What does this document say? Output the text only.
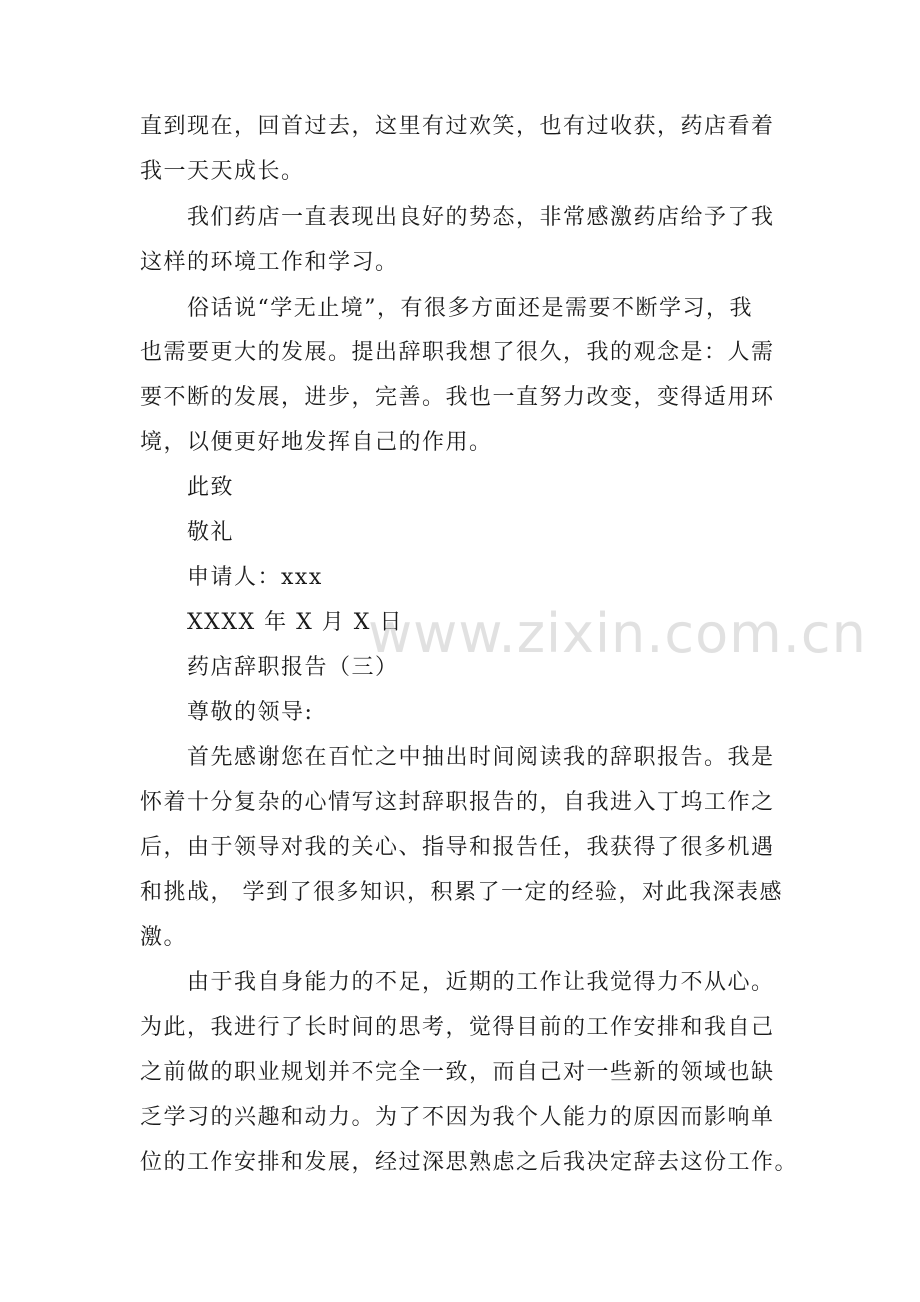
直到现在，回首过去，这里有过欢笑，也有过收获，药店看着
我一天天成长。
我们药店一直表现出良好的势态，非常感激药店给予了我
这样的环境工作和学习。
俗话说“学无止境”，有很多方面还是需要不断学习，我
也需要更大的发展。提出辞职我想了很久，我的观念是：人需
要不断的发展，进步，完善。我也一直努力改变，变得适用环
境，以便更好地发挥自己的作用。
此致
敬礼
申请人：xxx
XXXX 年 X 月 X 日
药店辞职报告（三）
尊敬的领导:
首先感谢您在百忙之中抽出时间阅读我的辞职报告。我是
怀着十分复杂的心情写这封辞职报告的，自我进入丁坞工作之
后，由于领导对我的关心、指导和报告任，我获得了很多机遇
和挑战， 学到了很多知识，积累了一定的经验，对此我深表感
激。
由于我自身能力的不足，近期的工作让我觉得力不从心。
为此，我进行了长时间的思考，觉得目前的工作安排和我自己
之前做的职业规划并不完全一致，而自己对一些新的领域也缺
乏学习的兴趣和动力。为了不因为我个人能力的原因而影响单
位的工作安排和发展，经过深思熟虑之后我决定辞去这份工作。
www.zixin.com.cn
